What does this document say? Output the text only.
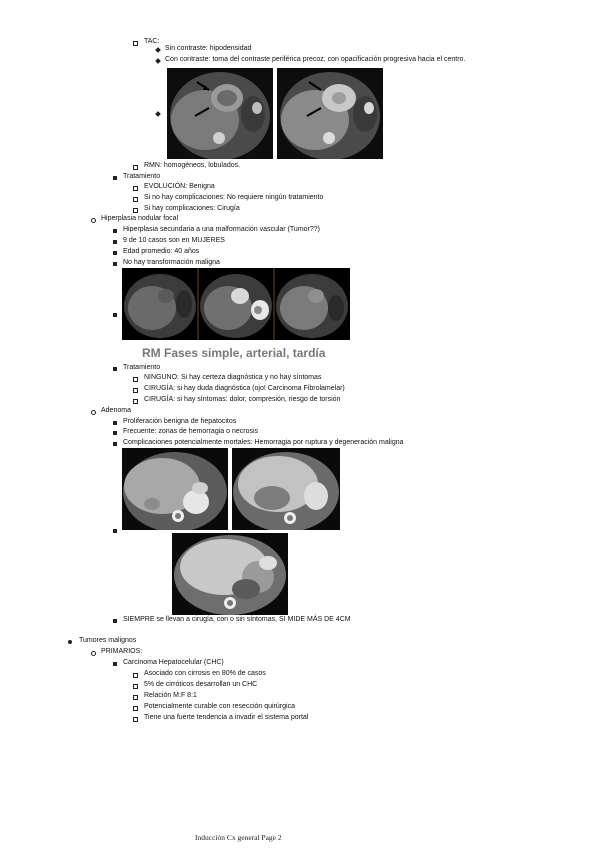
TAC:
Sin contraste: hipodensidad
Con contraste: toma del contraste periférica precoz, con opacificación progresiva hacia el centro.
RMN: homogéneos, lobulados.
Tratamiento
EVOLUCIÓN: Benigna
Si no hay complicaciones: No requiere ningún tratamiento
Si hay complicaciones: Cirugía
Hiperplasia nodular focal
Hiperplasia secundaria a una malformación vascular (Tumor??)
9 de 10 casos son en MUJERES
Edad promedio: 40 años
No hay transformación maligna
RM Fases simple, arterial, tardía
Tratamiento
NINGUNO: Si hay certeza diagnóstica y no hay síntomas
CIRUGÍA: si hay duda diagnóstica (ojo! Carcinoma Fibrolamelar)
CIRUGÍA: si hay síntomas: dolor, compresión, riesgo de torsión
Adenoma
Proliferación benigna de hepatocitos
Frecuente: zonas de hemorragia o necrosis
Complicaciones potencialmente mortales: Hemorragia por ruptura y degeneración maligna
SIEMPRE se llevan a cirugía, con o sin síntomas, SI MIDE MÁS DE 4CM
Tumores malignos
PRIMARIOS:
Carcinoma Hepatocelular (CHC)
Asociado con cirrosis en 80% de casos
5% de cirróticos desarrollan un CHC
Relación M:F 8:1
Potencialmente curable con resección quirúrgica
Tiene una fuerte tendencia a invadir el sistema portal
Inducción Cx general Page 2
